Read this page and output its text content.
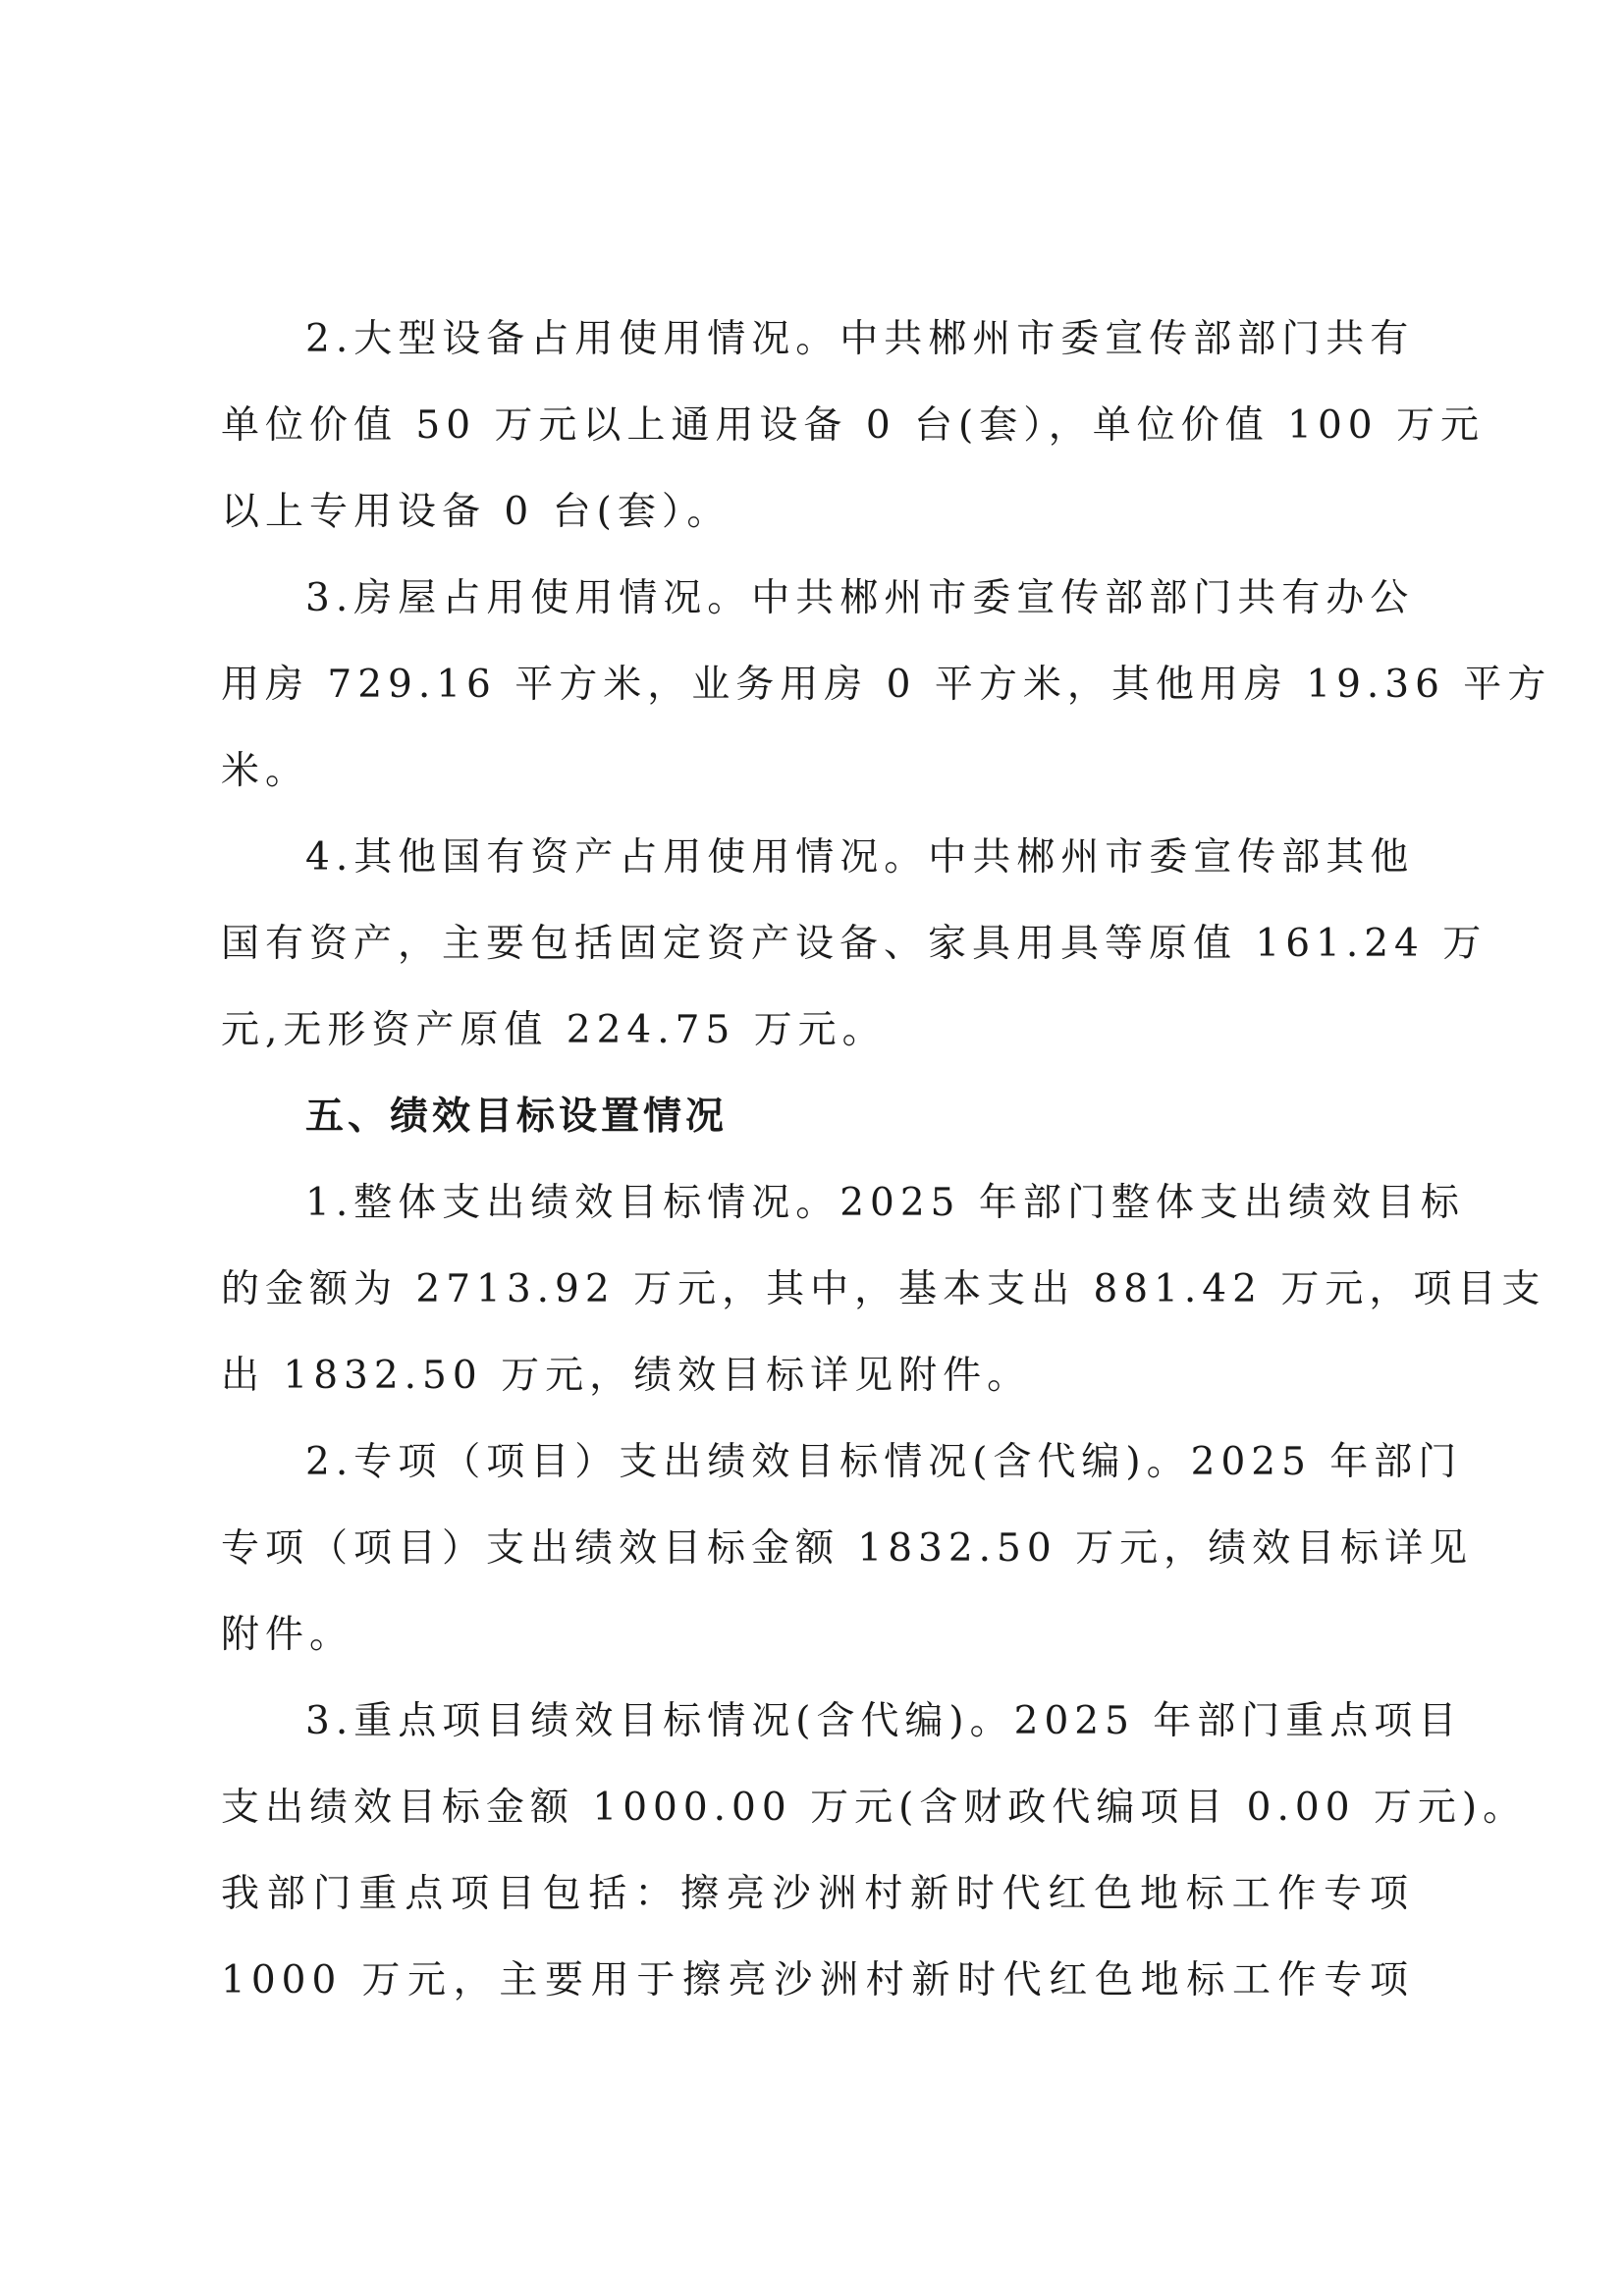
2.大型设备占用使用情况。中共郴州市委宣传部部门共有
单位价值 50 万元以上通用设备 0 台(套），单位价值 100 万元
以上专用设备 0 台(套）。
3.房屋占用使用情况。中共郴州市委宣传部部门共有办公
用房 729.16 平方米，业务用房 0 平方米，其他用房 19.36 平方
米。
4.其他国有资产占用使用情况。中共郴州市委宣传部其他
国有资产，主要包括固定资产设备、家具用具等原值 161.24 万
元,无形资产原值 224.75 万元。
五、绩效目标设置情况
1.整体支出绩效目标情况。2025 年部门整体支出绩效目标
的金额为 2713.92 万元，其中，基本支出 881.42 万元，项目支
出 1832.50 万元，绩效目标详见附件。
2.专项（项目）支出绩效目标情况(含代编)。2025 年部门
专项（项目）支出绩效目标金额 1832.50 万元，绩效目标详见
附件。
3.重点项目绩效目标情况(含代编)。2025 年部门重点项目
支出绩效目标金额 1000.00 万元(含财政代编项目 0.00 万元)。
我部门重点项目包括：擦亮沙洲村新时代红色地标工作专项
1000 万元，主要用于擦亮沙洲村新时代红色地标工作专项
